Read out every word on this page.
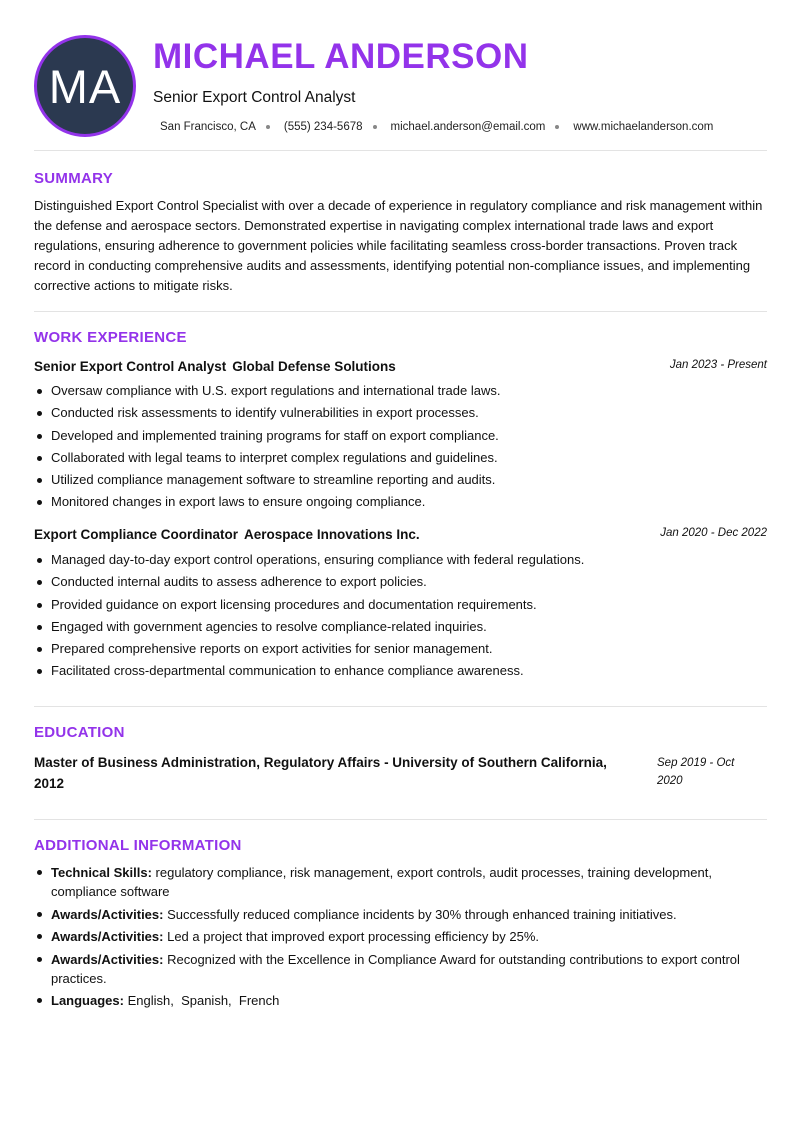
MA
MICHAEL ANDERSON
Senior Export Control Analyst
San Francisco, CA (555) 234-5678 michael.anderson@email.com www.michaelanderson.com
SUMMARY

Distinguished Export Control Specialist with over a decade of experience in regulatory compliance and risk management within the defense and aerospace sectors. Demonstrated expertise in navigating complex international trade laws and export regulations, ensuring adherence to government policies while facilitating seamless cross-border transactions. Proven track record in conducting comprehensive audits and assessments, identifying potential non-compliance issues, and implementing corrective actions to mitigate risks.

WORK EXPERIENCE
Senior Export Control Analyst Global Defense Solutions	Jan 2023 - Present
Oversaw compliance with U.S. export regulations and international trade laws.
Conducted risk assessments to identify vulnerabilities in export processes.
Developed and implemented training programs for staff on export compliance.
Collaborated with legal teams to interpret complex regulations and guidelines.
Utilized compliance management software to streamline reporting and audits.
Monitored changes in export laws to ensure ongoing compliance.
Export Compliance Coordinator Aerospace Innovations Inc.	Jan 2020 - Dec 2022
Managed day-to-day export control operations, ensuring compliance with federal regulations.
Conducted internal audits to assess adherence to export policies.
Provided guidance on export licensing procedures and documentation requirements.
Engaged with government agencies to resolve compliance-related inquiries.
Prepared comprehensive reports on export activities for senior management.
Facilitated cross-departmental communication to enhance compliance awareness.
EDUCATION

Master of Business Administration, Regulatory Affairs - University of Southern California, 2012

Sep 2019 - Oct 2020
ADDITIONAL INFORMATION
Technical Skills: regulatory compliance, risk management, export controls, audit processes, training development, compliance software
Awards/Activities: Successfully reduced compliance incidents by 30% through enhanced training initiatives.
Awards/Activities: Led a project that improved export processing efficiency by 25%.
Awards/Activities: Recognized with the Excellence in Compliance Award for outstanding contributions to export control practices.
Languages: English,  Spanish,  French
